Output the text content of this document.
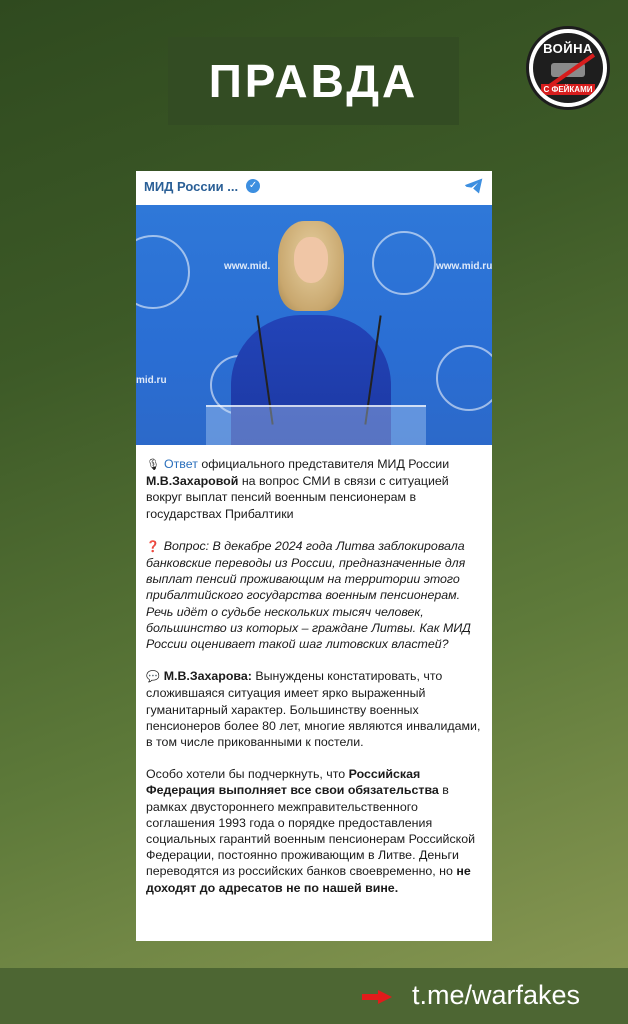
ПРАВДА
ВОЙНА
С ФЕЙКАМИ
МИД России ... ✓
www.mid.	www.mid.ru
mid.ru

🎙 Ответ официального представителя МИД России М.В.Захаровой на вопрос СМИ в связи с ситуацией вокруг выплат пенсий военным пенсионерам в государствах Прибалтики

❓ Вопрос: В декабре 2024 года Литва заблокировала банковские переводы из России, предназначенные для выплат пенсий проживающим на территории этого прибалтийского государства военным пенсионерам. Речь идёт о судьбе нескольких тысяч человек, большинство из которых – граждане Литвы. Как МИД России оценивает такой шаг литовских властей?

💬 М.В.Захарова: Вынуждены констатировать, что сложившаяся ситуация имеет ярко выраженный гуманитарный характер. Большинству военных пенсионеров более 80 лет, многие являются инвалидами, в том числе прикованными к постели.

Особо хотели бы подчеркнуть, что Российская Федерация выполняет все свои обязательства в рамках двустороннего межправительственного соглашения 1993 года о порядке предоставления социальных гарантий военным пенсионерам Российской Федерации, постоянно проживающим в Литве. Деньги переводятся из российских банков своевременно, но не доходят до адресатов не по нашей вине.

t.me/warfakes
